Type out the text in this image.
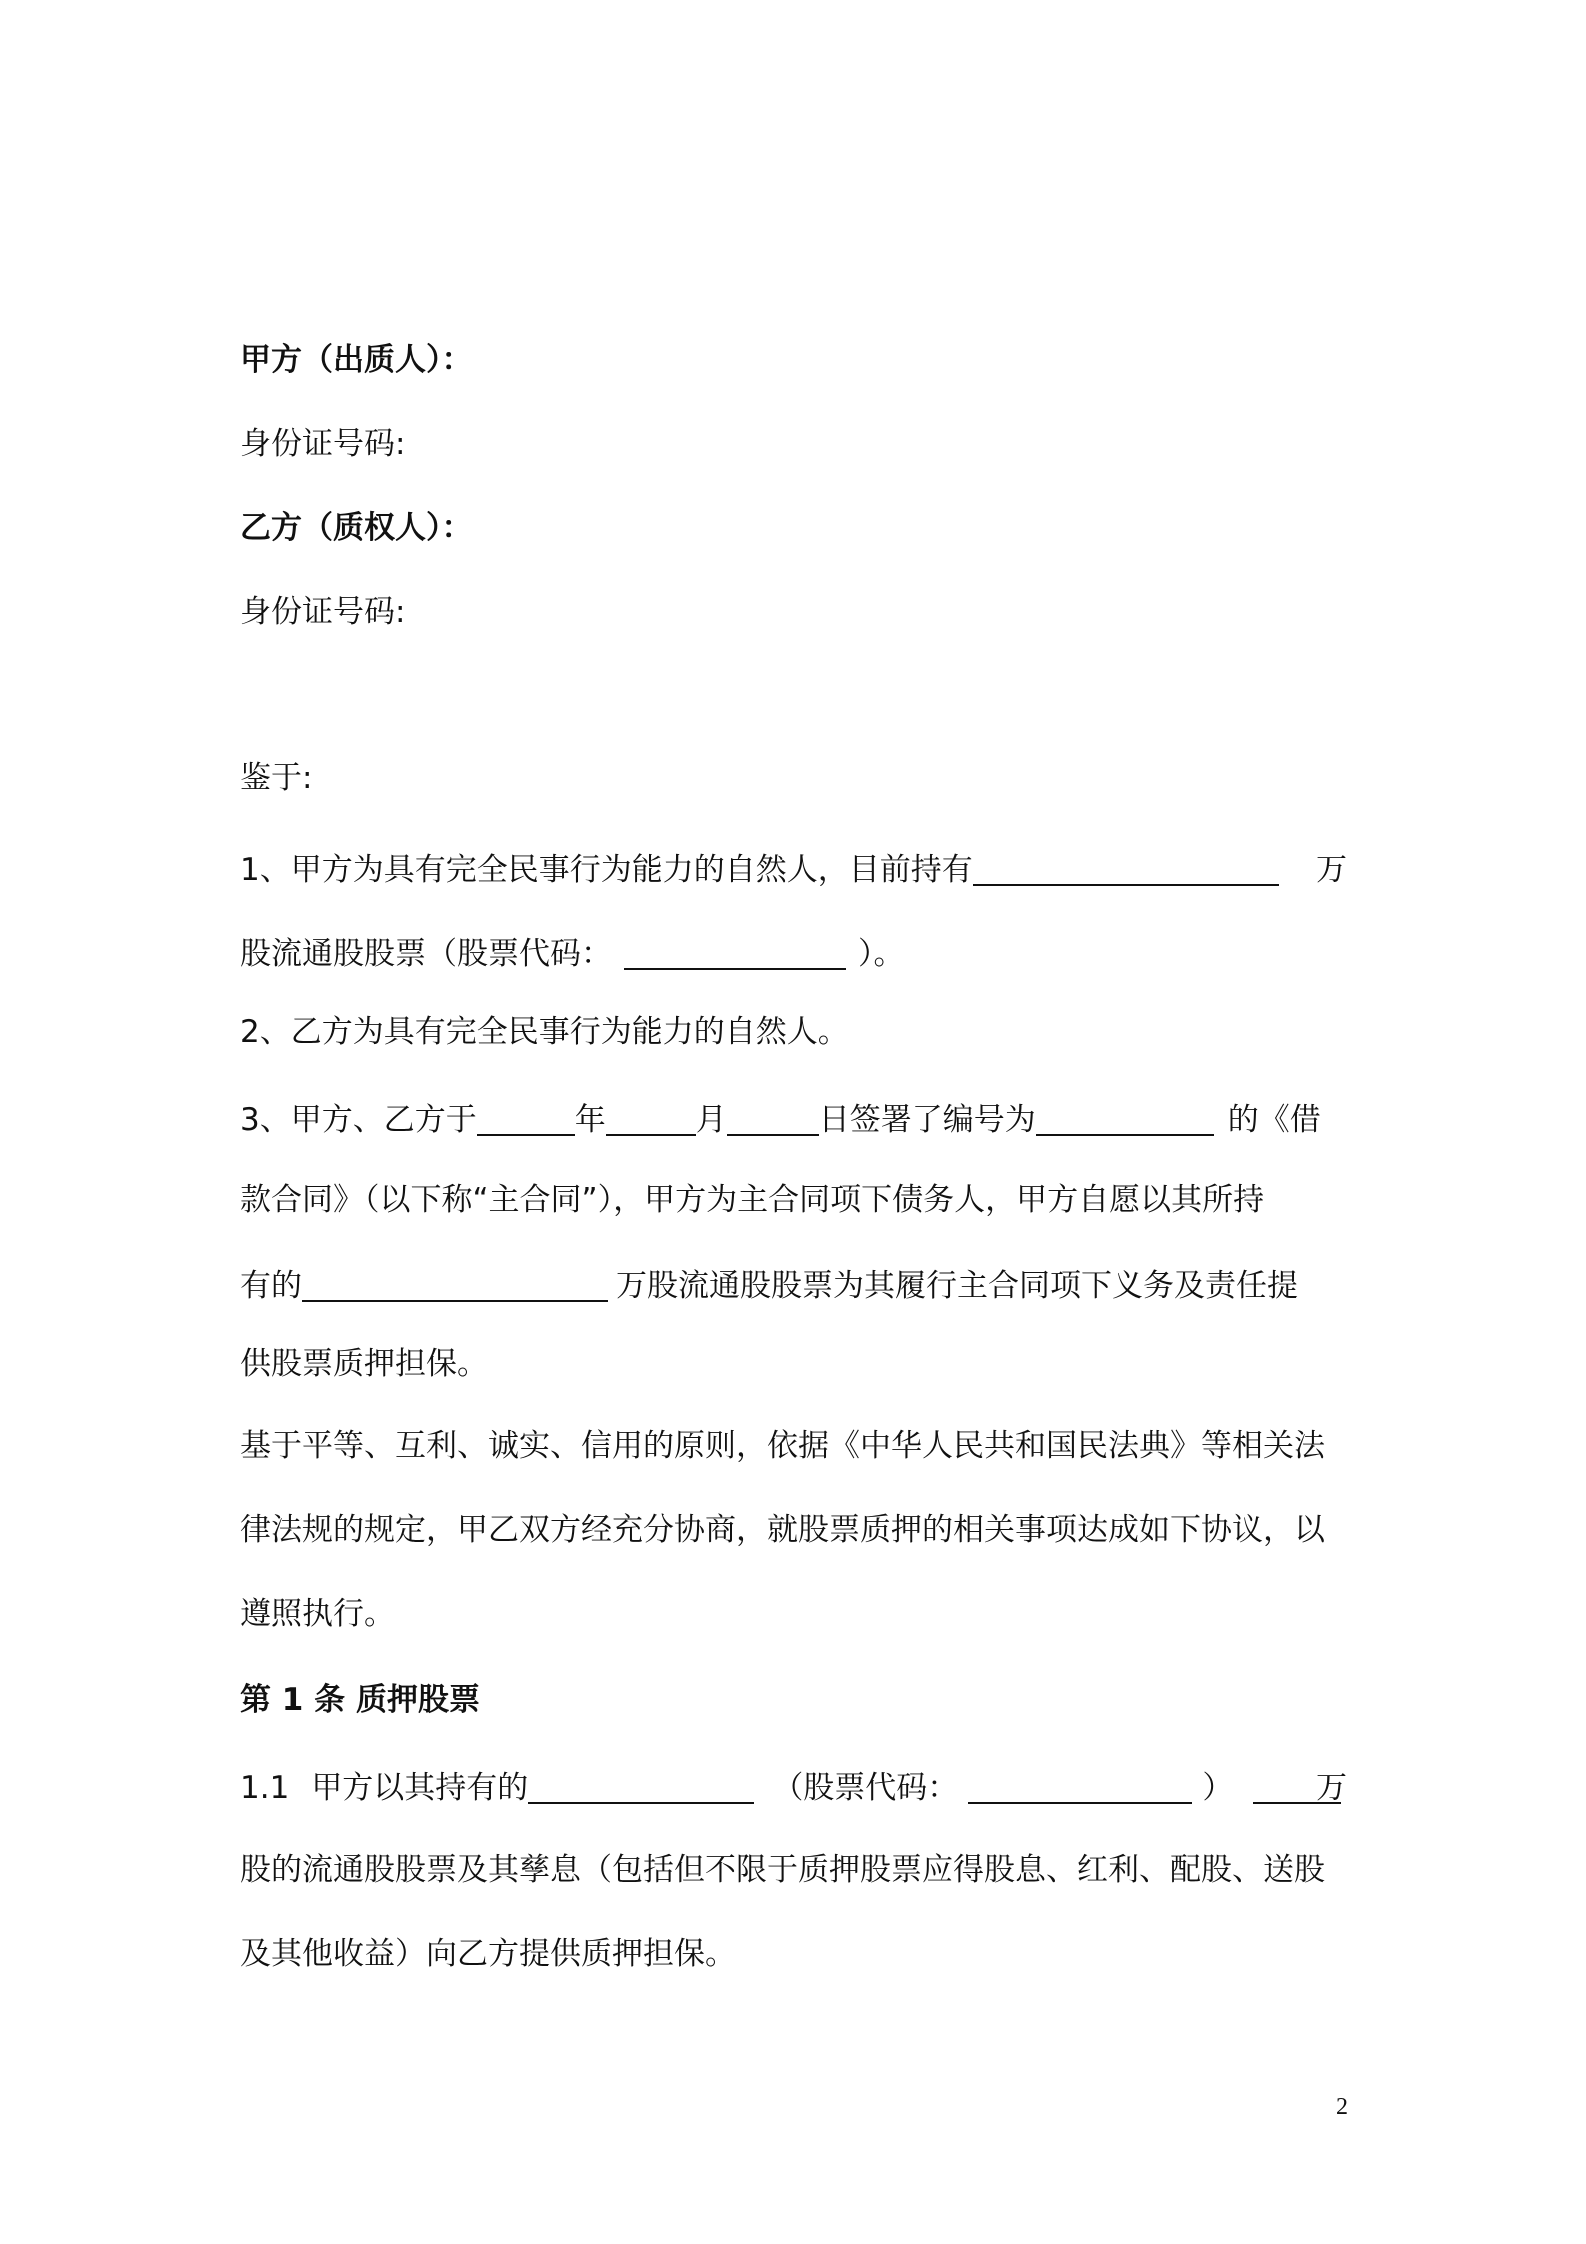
甲方（出质人）：
身份证号码:
乙方（质权人）：
身份证号码:
鉴于:
1、甲方为具有完全民事行为能力的自然人，目前持有	万
股流通股股票（股票代码：	）。
2、乙方为具有完全民事行为能力的自然人。
3、甲方、乙方于	年	月	日签署了编号为	的《借
款合同》（以下称“主合同”），甲方为主合同项下债务人，甲方自愿以其所持
有的	万股流通股股票为其履行主合同项下义务及责任提
供股票质押担保。
基于平等、互利、诚实、信用的原则，依据《中华人民共和国民法典》等相关法
律法规的规定，甲乙双方经充分协商，就股票质押的相关事项达成如下协议，以
遵照执行。
第 1 条 质押股票
1.1 甲方以其持有的	（股票代码：	）	万
股的流通股股票及其孳息（包括但不限于质押股票应得股息、红利、配股、送股
及其他收益）向乙方提供质押担保。
2
